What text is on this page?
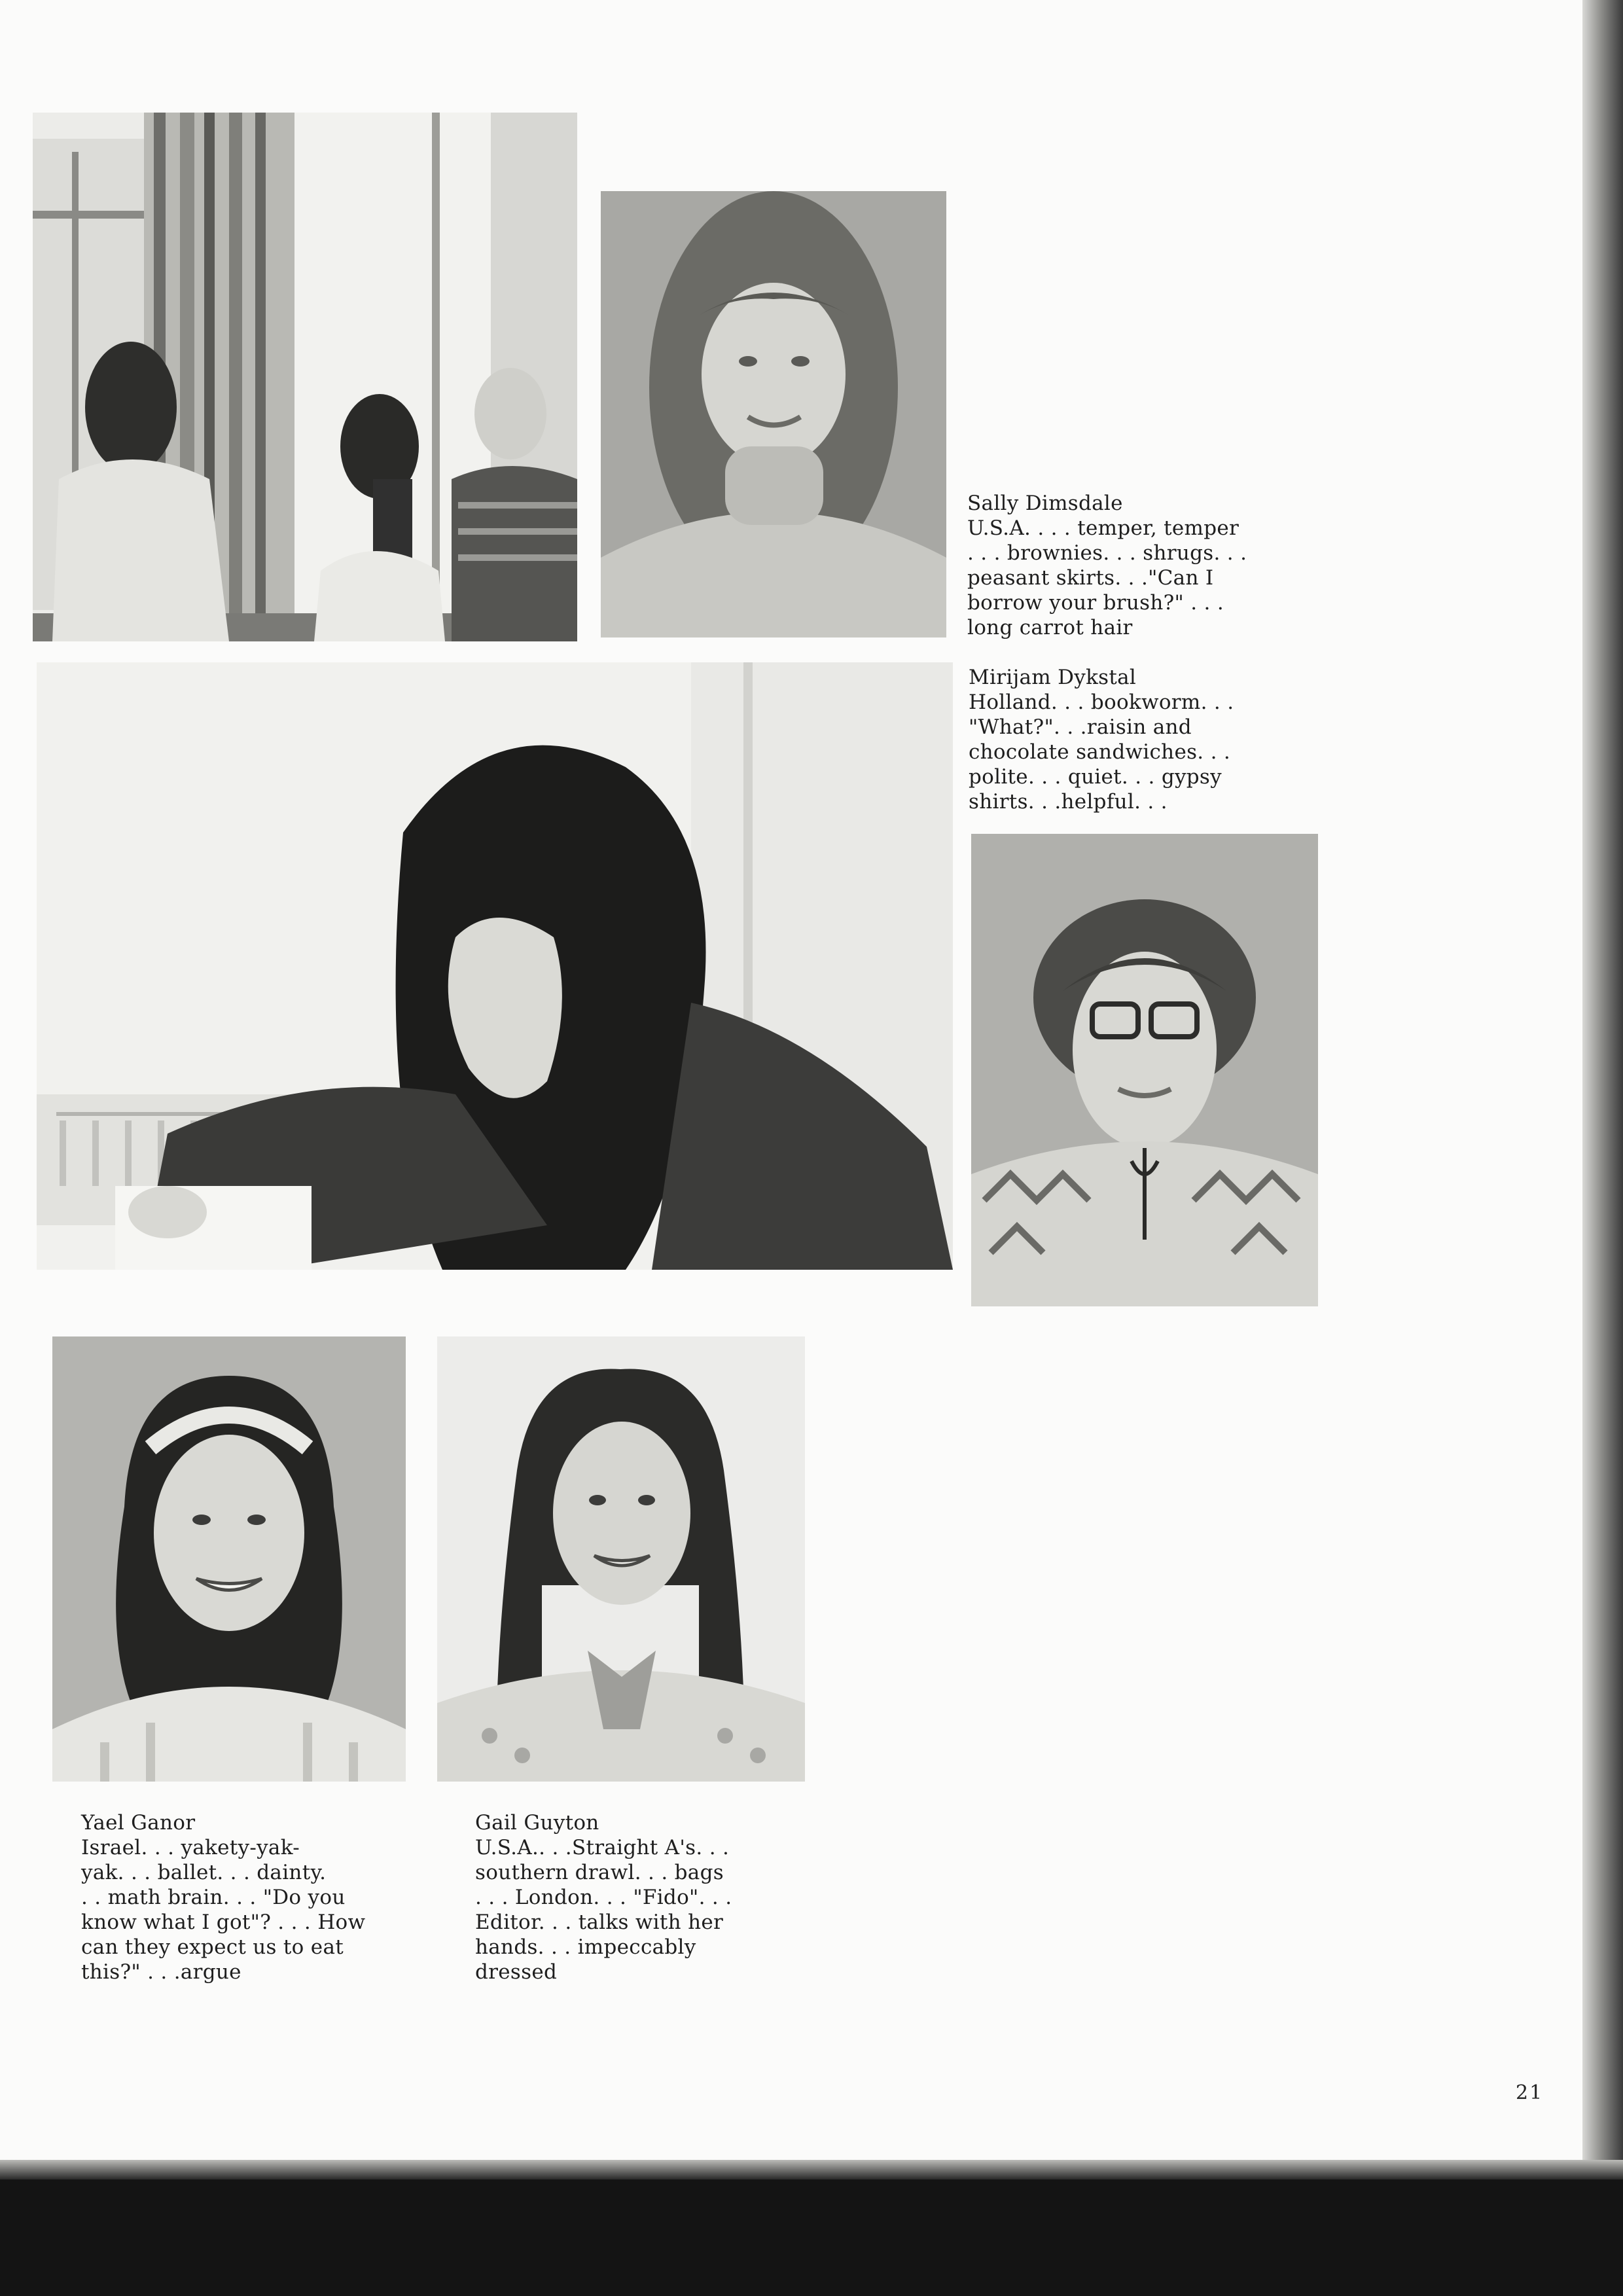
Sally Dimsdale
U.S.A. . . . temper, temper
. . . brownies. . . shrugs. . .
peasant skirts. . ."Can I
borrow your brush?" . . .
long carrot hair
Mirijam Dykstal
Holland. . . bookworm. . .
"What?". . .raisin and
chocolate sandwiches. . .
polite. . . quiet. . . gypsy
shirts. . .helpful. . .
Yael Ganor
Israel. . . yakety-yak-
yak. . . ballet. . . dainty.
. . math brain. . . "Do you
know what I got"? . . . How
can they expect us to eat
this?" . . .argue
Gail Guyton
U.S.A.. . .Straight A's. . .
southern drawl. . . bags
. . . London. . . "Fido". . .
Editor. . . talks with her
hands. . . impeccably
dressed
21
